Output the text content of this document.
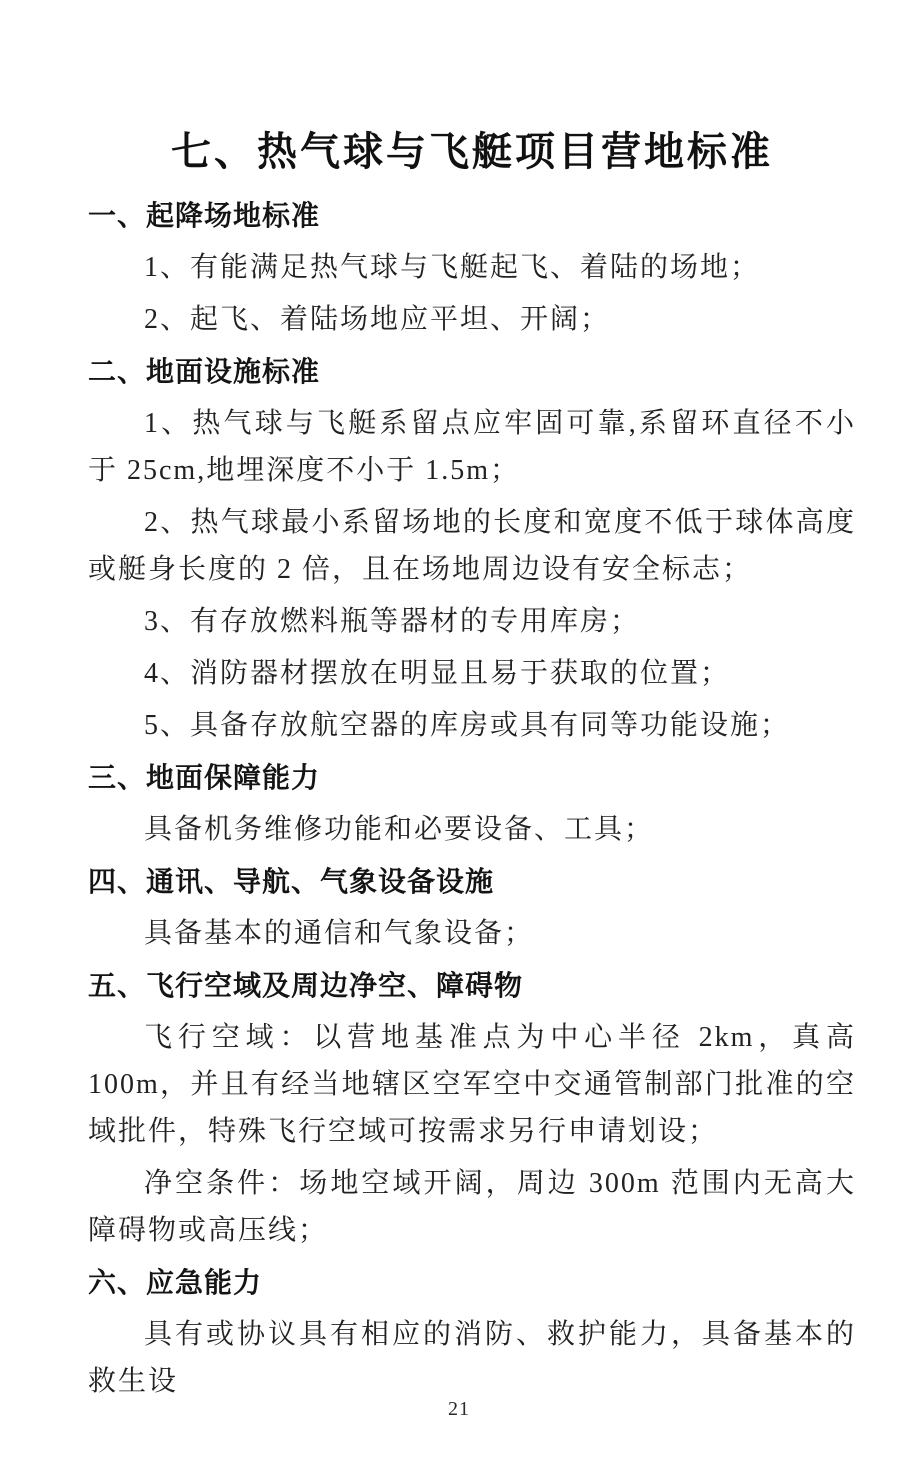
七、热气球与飞艇项目营地标准
一、起降场地标准
1、有能满足热气球与飞艇起飞、着陆的场地；
2、起飞、着陆场地应平坦、开阔；
二、地面设施标准
1、热气球与飞艇系留点应牢固可靠,系留环直径不小于 25cm,地埋深度不小于 1.5m；
2、热气球最小系留场地的长度和宽度不低于球体高度或艇身长度的 2 倍，且在场地周边设有安全标志；
3、有存放燃料瓶等器材的专用库房；
4、消防器材摆放在明显且易于获取的位置；
5、具备存放航空器的库房或具有同等功能设施；
三、地面保障能力
具备机务维修功能和必要设备、工具；
四、通讯、导航、气象设备设施
具备基本的通信和气象设备；
五、飞行空域及周边净空、障碍物
飞行空域：以营地基准点为中心半径 2km，真高 100m，并且有经当地辖区空军空中交通管制部门批准的空域批件，特殊飞行空域可按需求另行申请划设；
净空条件：场地空域开阔，周边 300m 范围内无高大障碍物或高压线；
六、应急能力
具有或协议具有相应的消防、救护能力，具备基本的救生设
21
